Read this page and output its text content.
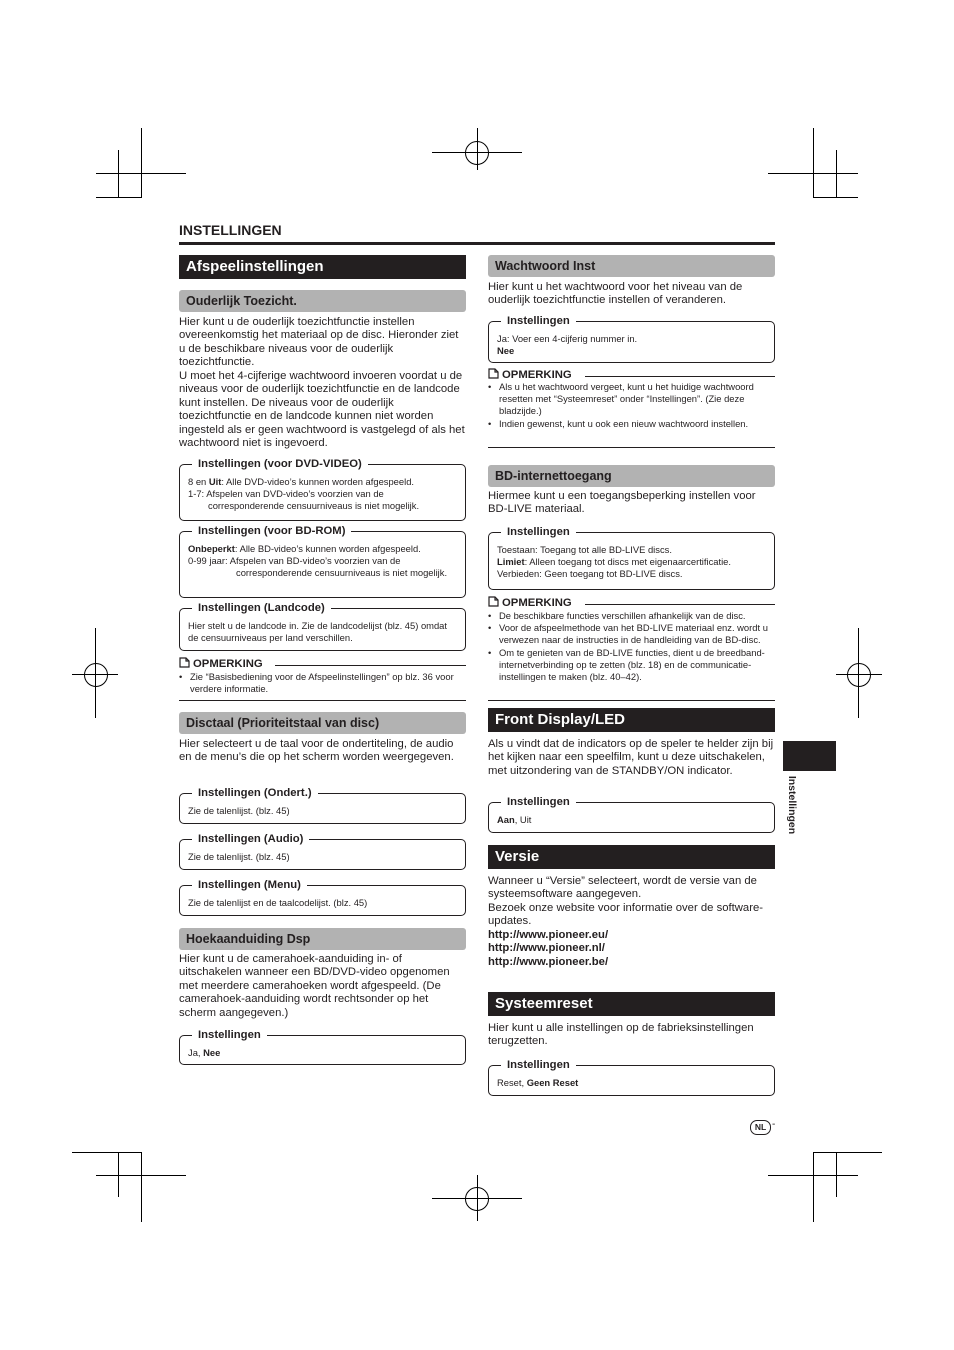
INSTELLINGEN
Afspeelinstellingen
Ouderlijk Toezicht.
Hier kunt u de ouderlijk toezichtfunctie instellen overeenkomstig het materiaal op de disc. Hieronder ziet u de beschikbare niveaus voor de ouderlijk toezichtfunctie.
U moet het 4-cijferige wachtwoord invoeren voordat u de niveaus voor de ouderlijk toezichtfunctie en de landcode kunt instellen. De niveaus voor de ouderlijk toezichtfunctie en de landcode kunnen niet worden ingesteld als er geen wachtwoord is vastgelegd of als het wachtwoord niet is ingevoerd.
Instellingen (voor DVD-VIDEO)
8 en Uit: Alle DVD-video’s kunnen worden afgespeeld.
1-7: Afspelen van DVD-video’s voorzien van de corresponderende censuurniveaus is niet mogelijk.
Instellingen (voor BD-ROM)
Onbeperkt: Alle BD-video’s kunnen worden afgespeeld.
0-99 jaar: Afspelen van BD-video’s voorzien van de corresponderende censuurniveaus is niet mogelijk.
Instellingen (Landcode)
Hier stelt u de landcode in. Zie de landcodelijst (blz. 45) omdat de censuurniveaus per land verschillen.
OPMERKING
• Zie “Basisbediening voor de Afspeelinstellingen” op blz. 36 voor verdere informatie.
Disctaal (Prioriteitstaal van disc)
Hier selecteert u de taal voor de ondertiteling, de audio en de menu’s die op het scherm worden weergegeven.
Instellingen (Ondert.)
Zie de talenlijst. (blz. 45)
Instellingen (Audio)
Zie de talenlijst. (blz. 45)
Instellingen (Menu)
Zie de talenlijst en de taalcodelijst. (blz. 45)
Hoekaanduiding Dsp
Hier kunt u de camerahoek-aanduiding in- of uitschakelen wanneer een BD/DVD-video opgenomen met meerdere camerahoeken wordt afgespeeld. (De camerahoek-aanduiding wordt rechtsonder op het scherm aangegeven.)
Instellingen
Ja, Nee
Wachtwoord Inst
Hier kunt u het wachtwoord voor het niveau van de ouderlijk toezichtfunctie instellen of veranderen.
Instellingen
Ja: Voer een 4-cijferig nummer in.
Nee
OPMERKING
• Als u het wachtwoord vergeet, kunt u het huidige wachtwoord resetten met “Systeemreset” onder “Instellingen”. (Zie deze bladzijde.)
• Indien gewenst, kunt u ook een nieuw wachtwoord instellen.
BD-internettoegang
Hiermee kunt u een toegangsbeperking instellen voor BD-LIVE materiaal.
Instellingen
Toestaan: Toegang tot alle BD-LIVE discs.
Limiet: Alleen toegang tot discs met eigenaarcertificatie.
Verbieden: Geen toegang tot BD-LIVE discs.
OPMERKING
• De beschikbare functies verschillen afhankelijk van de disc.
• Voor de afspeelmethode van het BD-LIVE materiaal enz. wordt u verwezen naar de instructies in de handleiding van de BD-disc.
• Om te genieten van de BD-LIVE functies, dient u de breedband-internetverbinding op te zetten (blz. 18) en de communicatie-instellingen te maken (blz. 40–42).
Front Display/LED
Als u vindt dat de indicators op de speler te helder zijn bij het kijken naar een speelfilm, kunt u deze uitschakelen, met uitzondering van de STANDBY/ON indicator.
Instellingen
Aan, Uit
Versie
Wanneer u “Versie” selecteert, wordt de versie van de systeemsoftware aangegeven.
Bezoek onze website voor informatie over de software-updates.
http://www.pioneer.eu/
http://www.pioneer.nl/
http://www.pioneer.be/
Systeemreset
Hier kunt u alle instellingen op de fabrieksinstellingen terugzetten.
Instellingen
Reset, Geen Reset
Instellingen
NL -
